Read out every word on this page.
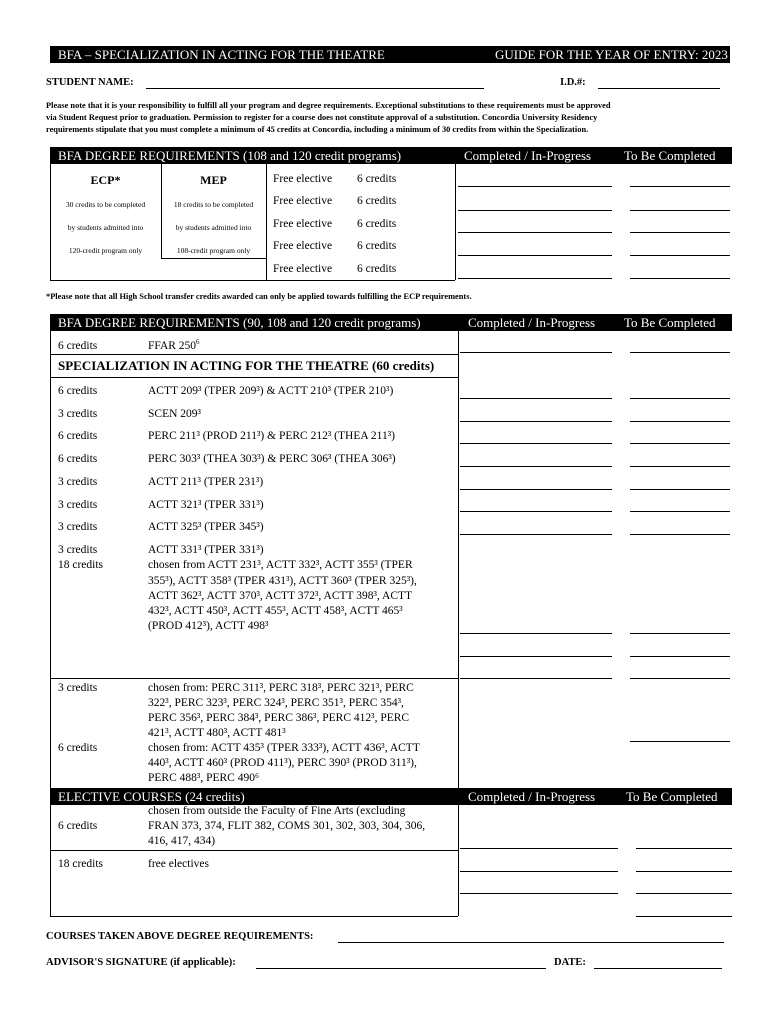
BFA – SPECIALIZATION IN ACTING FOR THE THEATRE	GUIDE FOR THE YEAR OF ENTRY: 2023
STUDENT NAME:	I.D.#:
Please note that it is your responsibility to fulfill all your program and degree requirements. Exceptional substitutions to these requirements must be approved
via Student Request prior to graduation. Permission to register for a course does not constitute approval of a substitution. Concordia University Residency
requirements stipulate that you must complete a minimum of 45 credits at Concordia, including a minimum of 30 credits from within the Specialization.
BFA DEGREE REQUIREMENTS (108 and 120 credit programs)	Completed / In-Progress	To Be Completed
ECP*	MEP
30 credits to be completed
by students admitted into
120-credit program only
18 credits to be completed
by students admitted into
108-credit program only
Free elective 6 credits
Free elective 6 credits
Free elective 6 credits
Free elective 6 credits
Free elective 6 credits
*Please note that all High School transfer credits awarded can only be applied towards fulfilling the ECP requirements.
BFA DEGREE REQUIREMENTS (90, 108 and 120 credit programs)	Completed / In-Progress To Be Completed
6 credits	FFAR $250^6$
SPECIALIZATION IN ACTING FOR THE THEATRE (60 credits)
6 credits	ACTT 209³ (TPER 209³) & ACTT 210³ (TPER 210³)
3 credits	SCEN 209³
6 credits	PERC 211³ (PROD 211³) & PERC 212³ (THEA 211³)
6 credits	PERC 303³ (THEA 303³) & PERC 306³ (THEA 306³)
3 credits	ACTT 211³ (TPER 231³)
3 credits	ACTT 321³ (TPER 331³)
3 credits	ACTT 325³ (TPER 345³)
3 credits	ACTT 331³ (TPER 331³)
18 credits	chosen from ACTT 231³, ACTT 332³, ACTT 355³ (TPER
355³), ACTT 358³ (TPER 431³), ACTT 360³ (TPER 325³),
ACTT 362³, ACTT 370³, ACTT 372³, ACTT 398³, ACTT
432³, ACTT 450³, ACTT 455³, ACTT 458³, ACTT 465³
(PROD 412³), ACTT 498³
3 credits	chosen from: PERC 311³, PERC 318³, PERC 321³, PERC
322³, PERC 323³, PERC 324³, PERC 351³, PERC 354³,
PERC 356³, PERC 384³, PERC 386³, PERC 412³, PERC
421³, ACTT 480³, ACTT 481³
6 credits	chosen from: ACTT 435³ (TPER 333³), ACTT 436³, ACTT
440³, ACTT 460³ (PROD 411³), PERC 390³ (PROD 311³),
PERC 488³, PERC 490⁶
ELECTIVE COURSES (24 credits)	Completed / In-Progress To Be Completed
6 credits
chosen from outside the Faculty of Fine Arts (excluding
FRAN 373, 374, FLIT 382, COMS 301, 302, 303, 304, 306,
416, 417, 434)
18 credits	free electives
COURSES TAKEN ABOVE DEGREE REQUIREMENTS:
ADVISOR'S SIGNATURE (if applicable):	DATE:
